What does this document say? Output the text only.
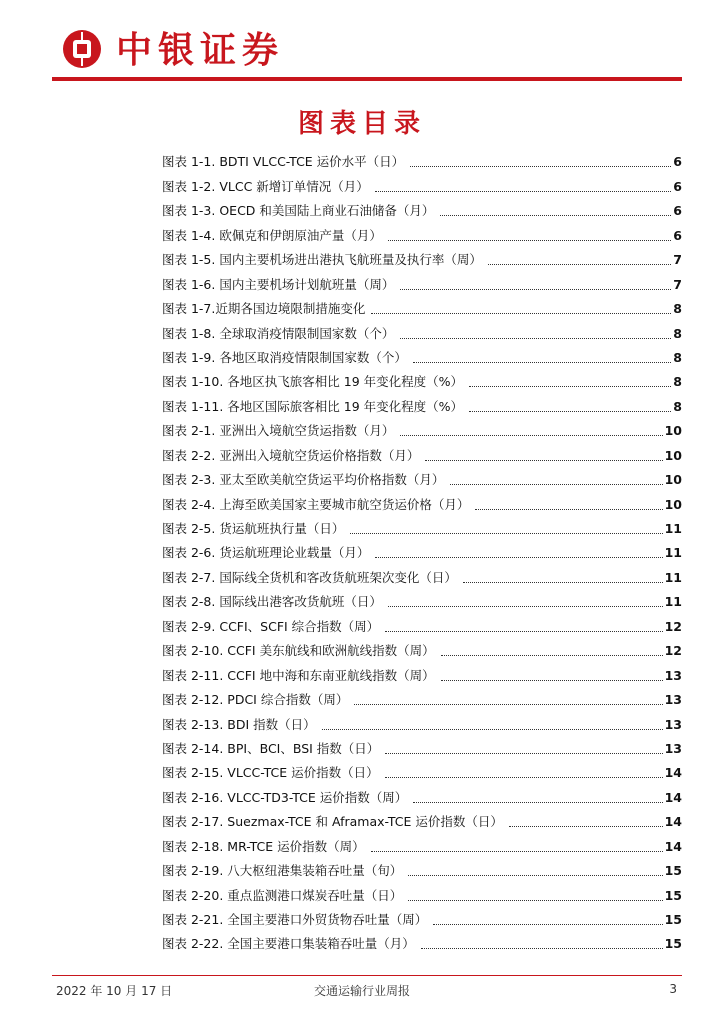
中银证券
图表目录
图表 1-1. BDTI VLCC-TCE 运价水平（日）	6
图表 1-2. VLCC 新增订单情况（月）	6
图表 1-3. OECD 和美国陆上商业石油储备（月）	6
图表 1-4. 欧佩克和伊朗原油产量（月）	6
图表 1-5. 国内主要机场进出港执飞航班量及执行率（周）	7
图表 1-6. 国内主要机场计划航班量（周）	7
图表 1-7.近期各国边境限制措施变化	8
图表 1-8. 全球取消疫情限制国家数（个）	8
图表 1-9. 各地区取消疫情限制国家数（个）	8
图表 1-10. 各地区执飞旅客相比 19 年变化程度（%）	8
图表 1-11. 各地区国际旅客相比 19 年变化程度（%）	8
图表 2-1. 亚洲出入境航空货运指数（月）	10
图表 2-2. 亚洲出入境航空货运价格指数（月）	10
图表 2-3. 亚太至欧美航空货运平均价格指数（月）	10
图表 2-4. 上海至欧美国家主要城市航空货运价格（月）	10
图表 2-5. 货运航班执行量（日）	11
图表 2-6. 货运航班理论业载量（月）	11
图表 2-7. 国际线全货机和客改货航班架次变化（日）	11
图表 2-8. 国际线出港客改货航班（日）	11
图表 2-9. CCFI、SCFI 综合指数（周）	12
图表 2-10. CCFI 美东航线和欧洲航线指数（周）	12
图表 2-11. CCFI 地中海和东南亚航线指数（周）	13
图表 2-12. PDCI 综合指数（周）	13
图表 2-13. BDI 指数（日）	13
图表 2-14. BPI、BCI、BSI 指数（日）	13
图表 2-15. VLCC-TCE 运价指数（日）	14
图表 2-16. VLCC-TD3-TCE 运价指数（周）	14
图表 2-17. Suezmax-TCE 和 Aframax-TCE 运价指数（日）	14
图表 2-18. MR-TCE 运价指数（周）	14
图表 2-19. 八大枢纽港集装箱吞吐量（旬）	15
图表 2-20. 重点监测港口煤炭吞吐量（日）	15
图表 2-21. 全国主要港口外贸货物吞吐量（周）	15
图表 2-22. 全国主要港口集装箱吞吐量（月）	15
2022 年 10 月 17 日	交通运输行业周报	3
